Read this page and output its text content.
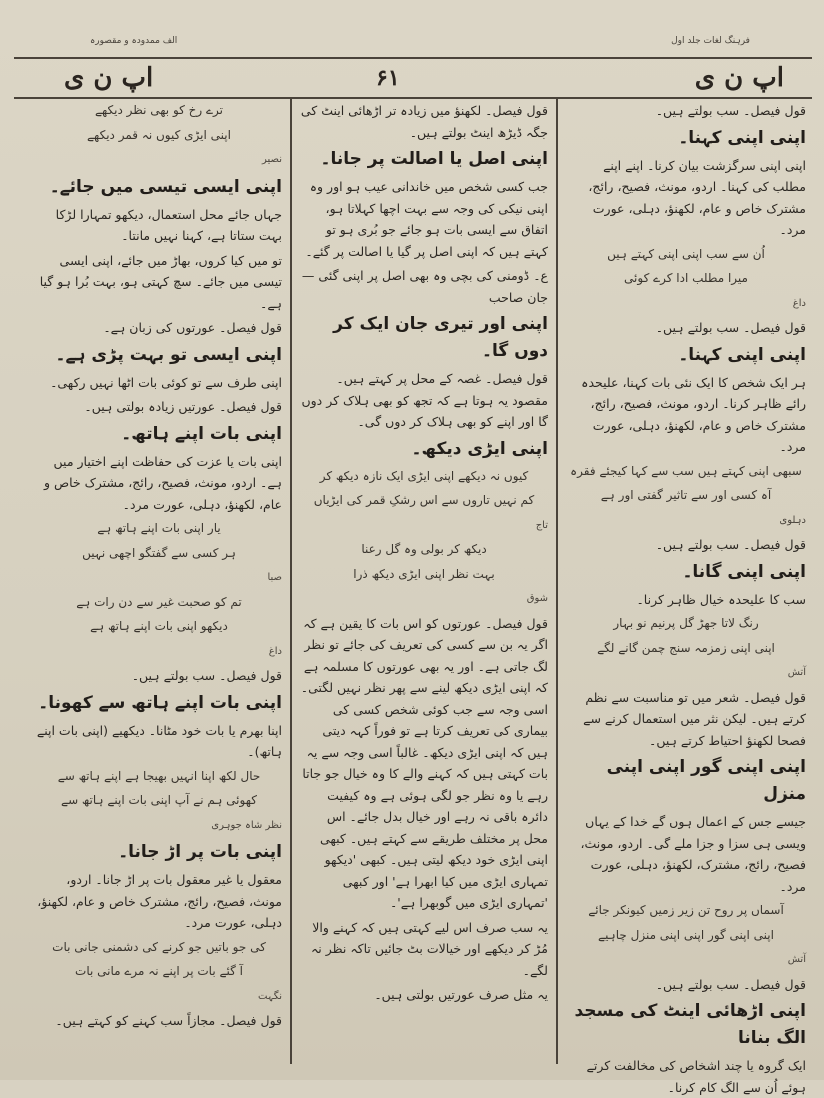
فرہنگ لغات جلد اول
الف ممدودہ و مقصورہ
اپ ن ی
۶۱
اپ ن ی

قول فیصل۔ سب بولتے ہیں۔

اپنی اپنی کہنا۔

اپنی اپنی سرگزشت بیان کرنا۔ اپنے اپنے مطلب کی کہنا۔ اردو، مونث، فصیح، رائج، مشترک خاص و عام، لکھنؤ، دہلی، عورت مرد۔

اُن سے سب اپنی اپنی کہتے ہیں

میرا مطلب ادا کرے کوئی

داغ

قول فیصل۔ سب بولتے ہیں۔

اپنی اپنی کہنا۔

ہر ایک شخص کا ایک نئی بات کہنا، علیحدہ رائے ظاہر کرنا۔ اردو، مونث، فصیح، رائج، مشترک خاص و عام، لکھنؤ، دہلی، عورت مرد۔

سبھی اپنی کہتے ہیں سب سے کہا کیجئے فقرہ

آہ کسی اور سے تاثیر گفتی اور ہے

دہلوی

قول فیصل۔ سب بولتے ہیں۔

اپنی اپنی گانا۔

سب کا علیحدہ خیال ظاہر کرنا۔

رنگ لاتا جھڑ گل پرنیم نو بہار

اپنی اپنی زمزمہ سنج چمن گانے لگے

آتش

قول فیصل۔ شعر میں تو مناسبت سے نظم کرتے ہیں۔ لیکن نثر میں استعمال کرنے سے فصحا لکھنؤ احتیاط کرتے ہیں۔

اپنی اپنی گور اپنی اپنی منزل

جیسے جس کے اعمال ہوں گے خدا کے یہاں ویسی ہی سزا و جزا ملے گی۔ اردو، مونث، فصیح، رائج، مشترک، لکھنؤ، دہلی، عورت مرد۔

آسماں پر روح تن زیر زمیں کیونکر جائے

اپنی اپنی گور اپنی اپنی منزل چاہیے

آتش

قول فیصل۔ سب بولتے ہیں۔

اپنی اڑھائی اینٹ کی مسجد الگ بنانا

ایک گروہ یا چند اشخاص کی مخالفت کرتے ہوئے اُن سے الگ کام کرنا۔

قول فیصل۔ لکھنؤ میں زیادہ تر اڑھائی اینٹ کی جگہ ڈیڑھ اینٹ بولتے ہیں۔

اپنی اصل یا اصالت پر جانا۔

جب کسی شخص میں خاندانی عیب ہو اور وہ اپنی نیکی کی وجہ سے بہت اچھا کہلاتا ہو، اتفاق سے ایسی بات ہو جائے جو بُری ہو تو کہتے ہیں کہ اپنی اصل پر گیا یا اصالت پر گئے۔

ع۔ ڈومنی کی بچی وہ بھی اصل پر اپنی گئی — جان صاحب

اپنی اور تیری جان ایک کر دوں گا۔

قول فیصل۔ غصہ کے محل پر کہتے ہیں۔ مقصود یہ ہوتا ہے کہ تجھ کو بھی ہلاک کر دوں گا اور اپنے کو بھی ہلاک کر دوں گی۔

اپنی ایڑی دیکھ۔

کیوں نہ دیکھے اپنی ایڑی ایک نازہ دیکھ کر

کم نہیں تاروں سے اس رشکِ قمر کی ایڑیاں

تاج

دیکھ کر بولی وہ گل رعنا

بہت نظر اپنی ایڑی دیکھ ذرا

شوق

قول فیصل۔ عورتوں کو اس بات کا یقین ہے کہ اگر یہ بن سے کسی کی تعریف کی جائے تو نظر لگ جاتی ہے۔ اور یہ بھی عورتوں کا مسلمہ ہے کہ اپنی ایڑی دیکھ لینے سے پھر نظر نہیں لگتی۔ اسی وجہ سے جب کوئی شخص کسی کی بیماری کی تعریف کرتا ہے تو فوراً کہہ دیتی ہیں کہ اپنی ایڑی دیکھ۔ غالباً اسی وجہ سے یہ بات کہتی ہیں کہ کہنے والے کا وہ خیال جو جاتا رہے یا وہ نظر جو لگی ہوئی ہے وہ کیفیت دائرہ باقی نہ رہے اور خیال بدل جائے۔ اس محل پر مختلف طریقے سے کہتے ہیں۔ کبھی اپنی ایڑی خود دیکھ لیتی ہیں۔ کبھی 'دیکھو تمہاری ایڑی میں کیا ابھرا ہے' اور کبھی 'تمہاری ایڑی میں گوبھرا ہے'۔

یہ سب صرف اس لیے کہتی ہیں کہ کہنے والا مُڑ کر دیکھے اور خیالات بٹ جائیں تاکہ نظر نہ لگے۔

یہ مثل صرف عورتیں بولتی ہیں۔

ترے رخ کو بھی نظر دیکھے

اپنی ایڑی کیوں نہ قمر دیکھے

نصیر

اپنی ایسی تیسی میں جائے۔

جہاں جائے محل استعمال، دیکھو تمہارا لڑکا بہت ستاتا ہے، کہنا نہیں مانتا۔

تو میں کیا کروں، بھاڑ میں جائے، اپنی ایسی تیسی میں جائے۔ سچ کہتی ہو، بہت بُرا ہو گیا ہے۔

قول فیصل۔ عورتوں کی زبان ہے۔

اپنی ایسی تو بہت پڑی ہے۔

اپنی طرف سے تو کوئی بات اٹھا نہیں رکھی۔

قول فیصل۔ عورتیں زیادہ بولتی ہیں۔

اپنی بات اپنے ہاتھ۔

اپنی بات یا عزت کی حفاظت اپنے اختیار میں ہے۔ اردو، مونث، فصیح، رائج، مشترک خاص و عام، لکھنؤ، دہلی، عورت مرد۔

یار اپنی بات اپنے ہاتھ ہے

ہر کسی سے گفتگو اچھی نہیں

صبا

تم کو صحبت غیر سے دن رات ہے

دیکھو اپنی بات اپنے ہاتھ ہے

داغ

قول فیصل۔ سب بولتے ہیں۔

اپنی بات اپنے ہاتھ سے کھونا۔

اپنا بھرم یا بات خود مٹانا۔ دیکھیے (اپنی بات اپنے ہاتھ)۔

حال لکھ اپنا انہیں بھیجا ہے اپنے ہاتھ سے

کھوئی ہم نے آپ اپنی بات اپنے ہاتھ سے

نظر شاہ جوہری

اپنی بات پر اڑ جانا۔

معقول یا غیر معقول بات پر اڑ جانا۔ اردو، مونث، فصیح، رائج، مشترک خاص و عام، لکھنؤ، دہلی، عورت مرد۔

کی جو باتیں جو کرنے کی دشمنی جانی بات

آ گئے بات پر اپنے نہ مرے مانی بات

نگہت

قول فیصل۔ مجازاً سب کہنے کو کہتے ہیں۔
